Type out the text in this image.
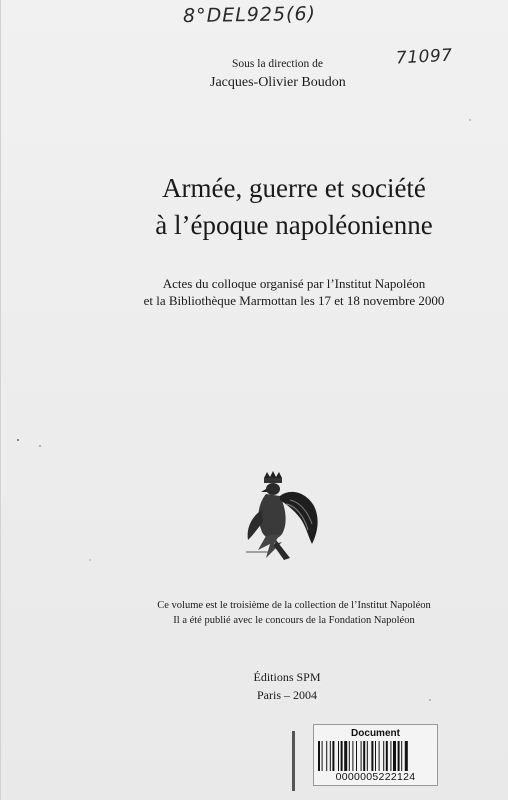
8°DEL925(6)
71097
Sous la direction de
Jacques-Olivier Boudon
Armée, guerre et société
à l’époque napoléonienne
Actes du colloque organisé par l’Institut Napoléon
et la Bibliothèque Marmottan les 17 et 18 novembre 2000
Ce volume est le troisième de la collection de l’Institut Napoléon
Il a été publié avec le concours de la Fondation Napoléon
Éditions SPM
Paris – 2004
Document
0000005222124
